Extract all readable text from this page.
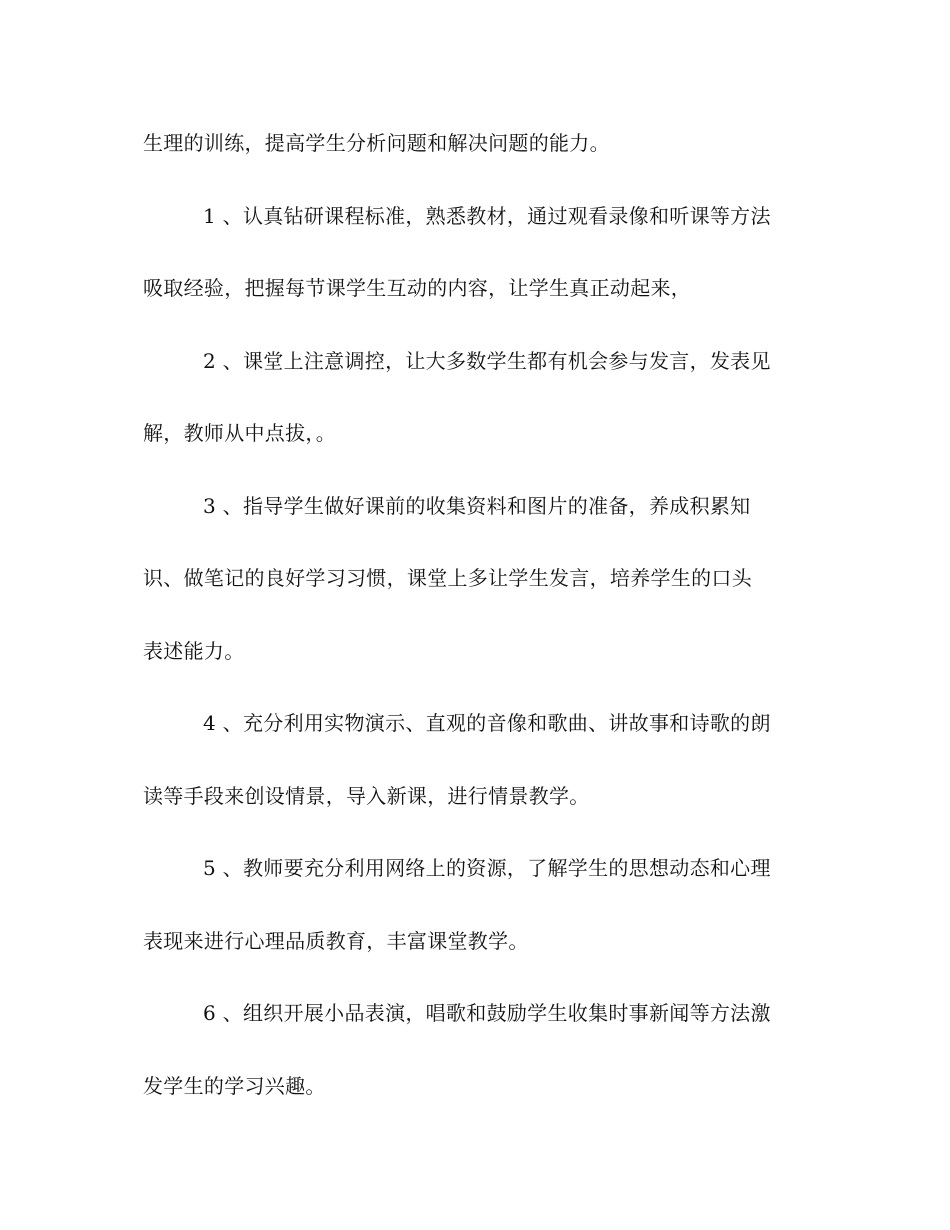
生理的训练，提高学生分析问题和解决问题的能力。
1 、认真钻研课程标准，熟悉教材，通过观看录像和听课等方法
吸取经验，把握每节课学生互动的内容，让学生真正动起来，
2 、课堂上注意调控，让大多数学生都有机会参与发言，发表见
解，教师从中点拔，。
3 、指导学生做好课前的收集资料和图片的准备，养成积累知
识、做笔记的良好学习习惯，课堂上多让学生发言，培养学生的口头
表述能力。
4 、充分利用实物演示、直观的音像和歌曲、讲故事和诗歌的朗
读等手段来创设情景，导入新课，进行情景教学。
5 、教师要充分利用网络上的资源，了解学生的思想动态和心理
表现来进行心理品质教育，丰富课堂教学。
6 、组织开展小品表演，唱歌和鼓励学生收集时事新闻等方法激
发学生的学习兴趣。
